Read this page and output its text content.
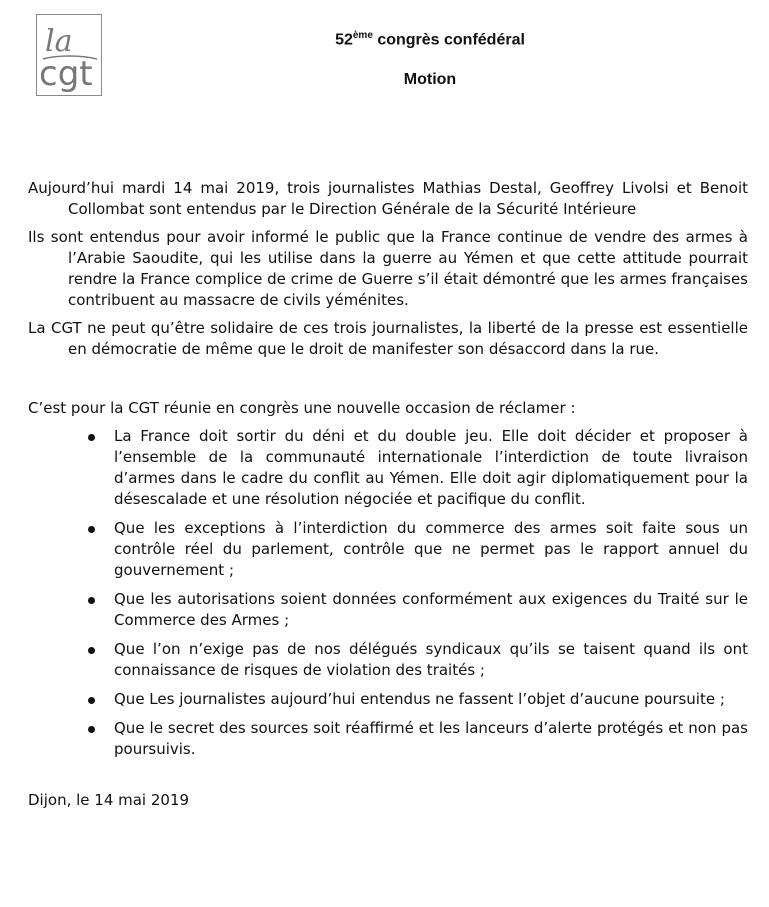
la
cgt
52ème congrès confédéral
Motion

Aujourd’hui mardi 14 mai 2019, trois journalistes Mathias Destal, Geoffrey Livolsi et Benoit Collombat sont entendus par le Direction Générale de la Sécurité Intérieure

Ils sont entendus pour avoir informé le public que la France continue de vendre des armes à l’Arabie Saoudite, qui les utilise dans la guerre au Yémen et que cette attitude pourrait rendre la France complice de crime de Guerre s’il était démontré que les armes françaises contribuent au massacre de civils yéménites.

La CGT ne peut qu’être solidaire de ces trois journalistes, la liberté de la presse est essentielle en démocratie de même que le droit de manifester son désaccord dans la rue.

C’est pour la CGT réunie en congrès une nouvelle occasion de réclamer :

La France doit sortir du déni et du double jeu. Elle doit décider et proposer à l’ensemble de la communauté internationale l’interdiction de toute livraison d’armes dans le cadre du conflit au Yémen. Elle doit agir diplomatiquement pour la désescalade et une résolution négociée et pacifique du conflit.
Que les exceptions à l’interdiction du commerce des armes soit faite sous un contrôle réel du parlement, contrôle que ne permet pas le rapport annuel du gouvernement ;
Que les autorisations soient données conformément aux exigences du Traité sur le Commerce des Armes ;
Que l’on n’exige pas de nos délégués syndicaux qu’ils se taisent quand ils ont connaissance de risques de violation des traités ;
Que Les journalistes aujourd’hui entendus ne fassent l’objet d’aucune poursuite ;
Que le secret des sources soit réaffirmé et les lanceurs d’alerte protégés et non pas poursuivis.

Dijon, le 14 mai 2019
